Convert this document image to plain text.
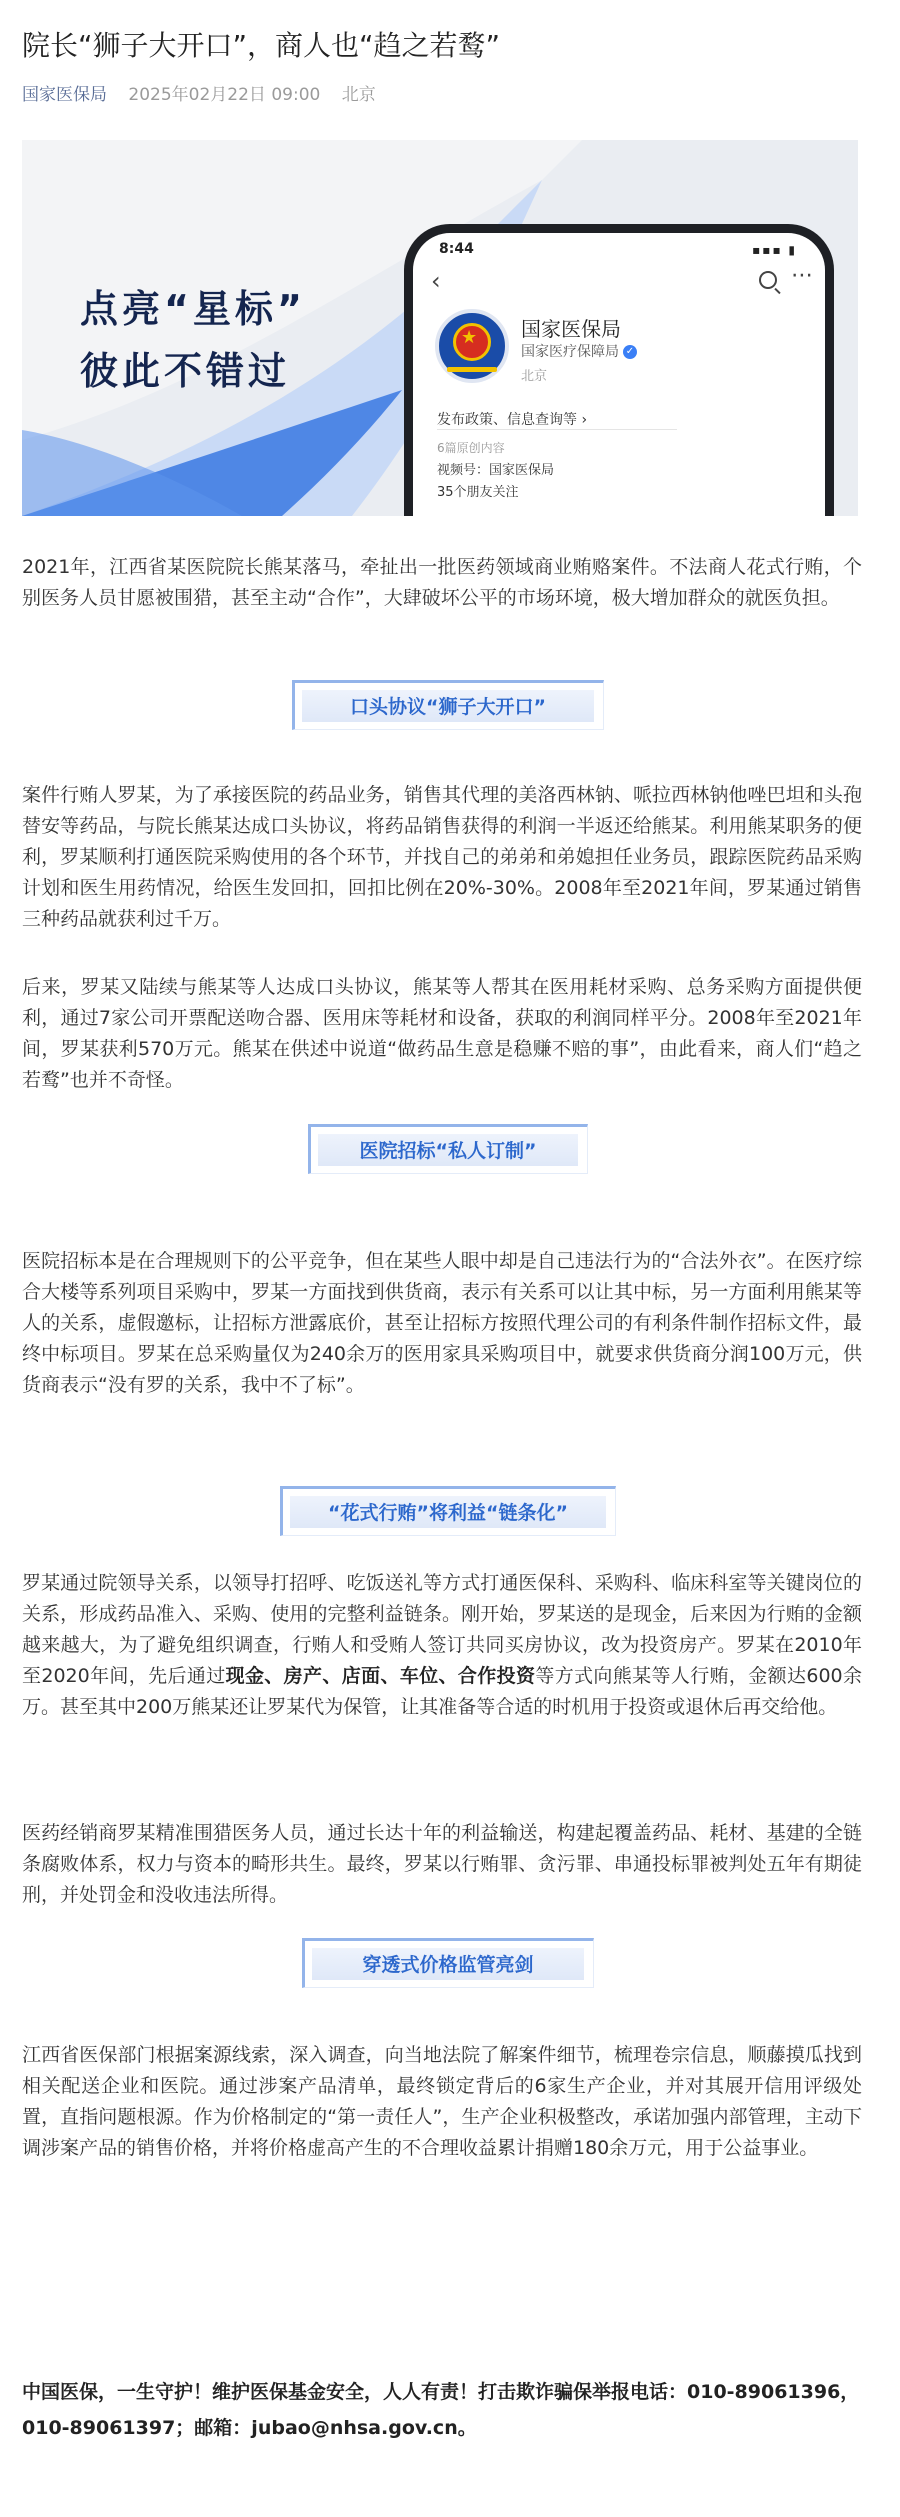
院长“狮子大开口”，商人也“趋之若鹜”
国家医保局 2025年02月22日 09:00 北京
点亮“星标”
彼此不错过
8:44	▪▪▪ ▮
‹	⋯
★ 国家医保局
国家医疗保障局 ✓
北京
发布政策、信息查询等 ›
6篇原创内容
视频号：国家医保局
35个朋友关注

2021年，江西省某医院院长熊某落马，牵扯出一批医药领域商业贿赂案件。不法商人花式行贿，个别医务人员甘愿被围猎，甚至主动“合作”，大肆破坏公平的市场环境，极大增加群众的就医负担。

口头协议“狮子大开口”

案件行贿人罗某，为了承接医院的药品业务，销售其代理的美洛西林钠、哌拉西林钠他唑巴坦和头孢替安等药品，与院长熊某达成口头协议，将药品销售获得的利润一半返还给熊某。利用熊某职务的便利，罗某顺利打通医院采购使用的各个环节，并找自己的弟弟和弟媳担任业务员，跟踪医院药品采购计划和医生用药情况，给医生发回扣，回扣比例在20%-30%。2008年至2021年间，罗某通过销售三种药品就获利过千万。

后来，罗某又陆续与熊某等人达成口头协议，熊某等人帮其在医用耗材采购、总务采购方面提供便利，通过7家公司开票配送吻合器、医用床等耗材和设备，获取的利润同样平分。2008年至2021年间，罗某获利570万元。熊某在供述中说道“做药品生意是稳赚不赔的事”，由此看来，商人们“趋之若鹜”也并不奇怪。

医院招标“私人订制”

医院招标本是在合理规则下的公平竞争，但在某些人眼中却是自己违法行为的“合法外衣”。在医疗综合大楼等系列项目采购中，罗某一方面找到供货商，表示有关系可以让其中标，另一方面利用熊某等人的关系，虚假邀标，让招标方泄露底价，甚至让招标方按照代理公司的有利条件制作招标文件，最终中标项目。罗某在总采购量仅为240余万的医用家具采购项目中，就要求供货商分润100万元，供货商表示“没有罗的关系，我中不了标”。

“花式行贿”将利益“链条化”

罗某通过院领导关系，以领导打招呼、吃饭送礼等方式打通医保科、采购科、临床科室等关键岗位的关系，形成药品准入、采购、使用的完整利益链条。刚开始，罗某送的是现金，后来因为行贿的金额越来越大，为了避免组织调查，行贿人和受贿人签订共同买房协议，改为投资房产。罗某在2010年至2020年间，先后通过现金、房产、店面、车位、合作投资等方式向熊某等人行贿，金额达600余万。甚至其中200万熊某还让罗某代为保管，让其准备等合适的时机用于投资或退休后再交给他。

医药经销商罗某精准围猎医务人员，通过长达十年的利益输送，构建起覆盖药品、耗材、基建的全链条腐败体系，权力与资本的畸形共生。最终，罗某以行贿罪、贪污罪、串通投标罪被判处五年有期徒刑，并处罚金和没收违法所得。

穿透式价格监管亮剑

江西省医保部门根据案源线索，深入调查，向当地法院了解案件细节，梳理卷宗信息，顺藤摸瓜找到相关配送企业和医院。通过涉案产品清单，最终锁定背后的6家生产企业，并对其展开信用评级处置，直指问题根源。作为价格制定的“第一责任人”，生产企业积极整改，承诺加强内部管理，主动下调涉案产品的销售价格，并将价格虚高产生的不合理收益累计捐赠180余万元，用于公益事业。

中国医保，一生守护！维护医保基金安全，人人有责！打击欺诈骗保举报电话：010-89061396，010-89061397；邮箱：jubao@nhsa.gov.cn。
